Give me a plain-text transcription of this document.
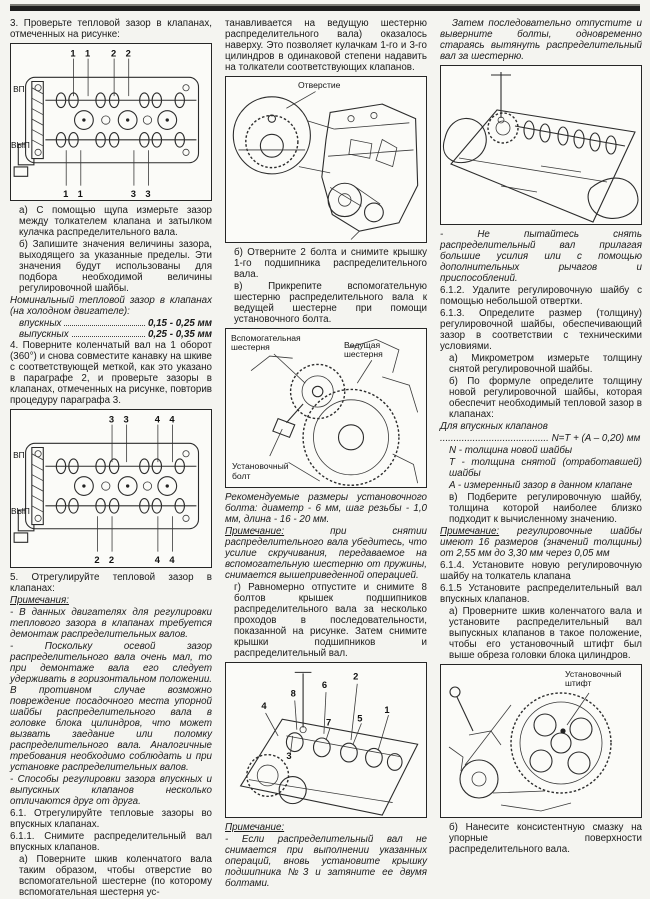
3. Проверьте тепловой зазор в клапанах, отмеченных на рисунке:

1 1 2 2
ВП
ВЫП
1 1	3 3

а) С помощью щупа измерьте зазор между толкателем клапана и затылком кулачка распределительного вала.

б) Запишите значения величины зазора, выходящего за указанные пределы. Эти значения будут использованы для подбора необходимой величины регулировочной шайбы.

Номинальный тепловой зазор в клапанах (на холодном двигателе):

впускных	0,15 - 0,25 мм
выпускных	0,25 - 0,35 мм

4. Поверните коленчатый вал на 1 оборот (360°) и снова совместите канавку на шкиве с соответствующей меткой, как это указано в параграфе 2, и проверьте зазоры в клапанах, отмеченных на рисунке, повторив процедуру параграфа 3.

3 3	4 4
ВП
ВЫП
2 2	4 4

5. Отрегулируйте тепловой зазор в клапанах:

Примечания:

- В данных двигателях для регулировки теплового зазора в клапанах требуется демонтаж распределительных валов.

- Поскольку осевой зазор распределительного вала очень мал, то при демонтаже вала его следует удерживать в горизонтальном положении. В противном случае возможно повреждение посадочного места упорной шайбы распределительного вала в головке блока цилиндров, что может вызвать заедание или поломку распределительного вала. Аналогичные требования необходимо соблюдать и при установке распределительных валов.

- Способы регулировки зазора впускных и выпускных клапанов несколько отличаются друг от друга.

6.1. Отрегулируйте тепловые зазоры во впускных клапанах.

6.1.1. Снимите распределительный вал впускных клапанов.

а) Поверните шкив коленчатого вала таким образом, чтобы отверстие во вспомогательной шестерне (по которому вспомогательная шестерня ус-

танавливается на ведущую шестерню распределительного вала) оказалось наверху. Это позволяет кулачкам 1-го и 3-го цилиндров в одинаковой степени надавить на толкатели соответствующих клапанов.

Отверстие

б) Отверните 2 болта и снимите крышку 1-го подшипника распределительного вала.

в) Прикрепите вспомогательную шестерню распределительного вала к ведущей шестерне при помощи установочного болта.

Вспомогательная шестерня	Ведущая шестерня
Установочный болт

Рекомендуемые размеры установочного болта: диаметр - 6 мм, шаг резьбы - 1,0 мм, длина - 16 - 20 мм.

Примечание: при снятии распределительного вала убедитесь, что усилие скручивания, передаваемое на вспомогательную шестерню от пружины, снимается вышеприведенной операцией.

г) Равномерно отпустите и снимите 8 болтов крышек подшипников распределительного вала за несколько проходов в последовательности, показанной на рисунке. Затем снимите крышки подшипников и распределительный вал.

4
8
6
2
7
3
5
1

Примечание:

- Если распределительный вал не снимается при выполнении указанных операций, вновь установите крышку подшипника №3 и затяните ее двумя болтами.

Затем последовательно отпустите и выверните болты, одновременно стараясь вытянуть распределительный вал за шестерню.

- Не пытайтесь снять распределительный вал прилагая большие усилия или с помощью дополнительных рычагов и приспособлений.

6.1.2. Удалите регулировочную шайбу с помощью небольшой отвертки.

6.1.3. Определите размер (толщину) регулировочной шайбы, обеспечивающий зазор в соответствии с техническими условиями.

а) Микрометром измерьте толщину снятой регулировочной шайбы.

б) По формуле определите толщину новой регулировочной шайбы, которая обеспечит необходимый тепловой зазор в клапанах:

Для впускных клапанов

........................................ N=T + (A – 0,20) мм

N - толщина новой шайбы

T - толщина снятой (отработавшей) шайбы

A - измеренный зазор в данном клапане

в) Подберите регулировочную шайбу, толщина которой наиболее близко подходит к вычисленному значению.

Примечание: регулировочные шайбы имеют 16 размеров (значений толщины) от 2,55 мм до 3,30 мм через 0,05 мм

6.1.4. Установите новую регулировочную шайбу на толкатель клапана

6.1.5 Установите распределительный вал впускных клапанов.

а) Проверните шкив коленчатого вала и установите распределительный вал выпускных клапанов в такое положение, чтобы его установочный штифт был выше обреза головки блока цилиндров.

Установочный штифт

б) Нанесите консистентную смазку на упорные поверхности распределительного вала.
